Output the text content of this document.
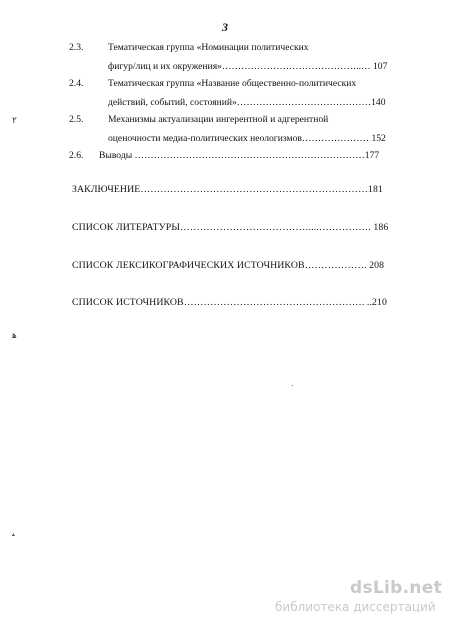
3
2.3.	Тематическая группа «Номинации политических
фигур/лиц и их окружения»……………………………………..… 107
2.4.	Тематическая группа «Название общественно-политических
действий, событий, состояний»……………………………………140
2.5.	Механизмы актуализации ингерентной и адгерентной
оценочности медиа-политических неологизмов………………… 152
2.6. Выводы ………………………………………………………………177
ЗАКЛЮЧЕНИЕ……………………………………………………………181
СПИСОК ЛИТЕРАТУРЫ…………………………………....……………. 186
СПИСОК ЛЕКСИКОГРАФИЧЕСКИХ ИСТОЧНИКОВ………………. 208
СПИСОК ИСТОЧНИКОВ………………………………………………. ..210
٢
ﻫ
ﯩ
dsLib.net
библиотека диссертаций
